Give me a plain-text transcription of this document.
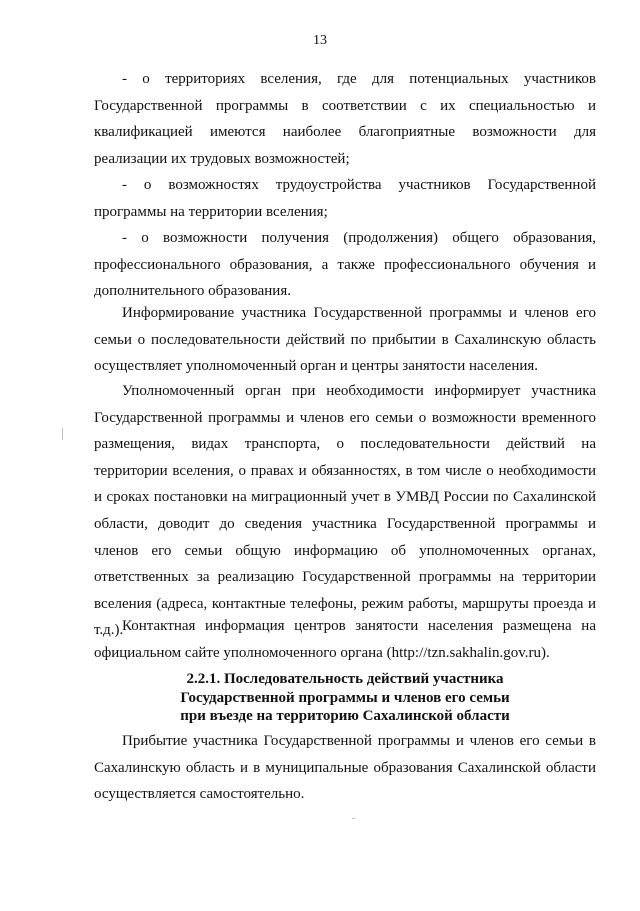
13

- о территориях вселения, где для потенциальных участников Государственной программы в соответствии с их специальностью и квалификацией имеются наиболее благоприятные возможности для реализации их трудовых возможностей;

- о возможностях трудоустройства участников Государственной программы на территории вселения;

- о возможности получения (продолжения) общего образования, профессионального образования, а также профессионального обучения и дополнительного образования.

Информирование участника Государственной программы и членов его семьи о последовательности действий по прибытии в Сахалинскую область осуществляет уполномоченный орган и центры занятости населения.

Уполномоченный орган при необходимости информирует участника Государственной программы и членов его семьи о возможности временного размещения, видах транспорта, о последовательности действий на территории вселения, о правах и обязанностях, в том числе о необходимости и сроках постановки на миграционный учет в УМВД России по Сахалинской области, доводит до сведения участника Государственной программы и членов его семьи общую информацию об уполномоченных органах, ответственных за реализацию Государственной программы на территории вселения (адреса, контактные телефоны, режим работы, маршруты проезда и т.д.).

Контактная информация центров занятости населения размещена на официальном сайте уполномоченного органа (http://tzn.sakhalin.gov.ru).

2.2.1. Последовательность действий участника
Государственной программы и членов его семьи
при въезде на территорию Сахалинской области

Прибытие участника Государственной программы и членов его семьи в Сахалинскую область и в муниципальные образования Сахалинской области осуществляется самостоятельно.
